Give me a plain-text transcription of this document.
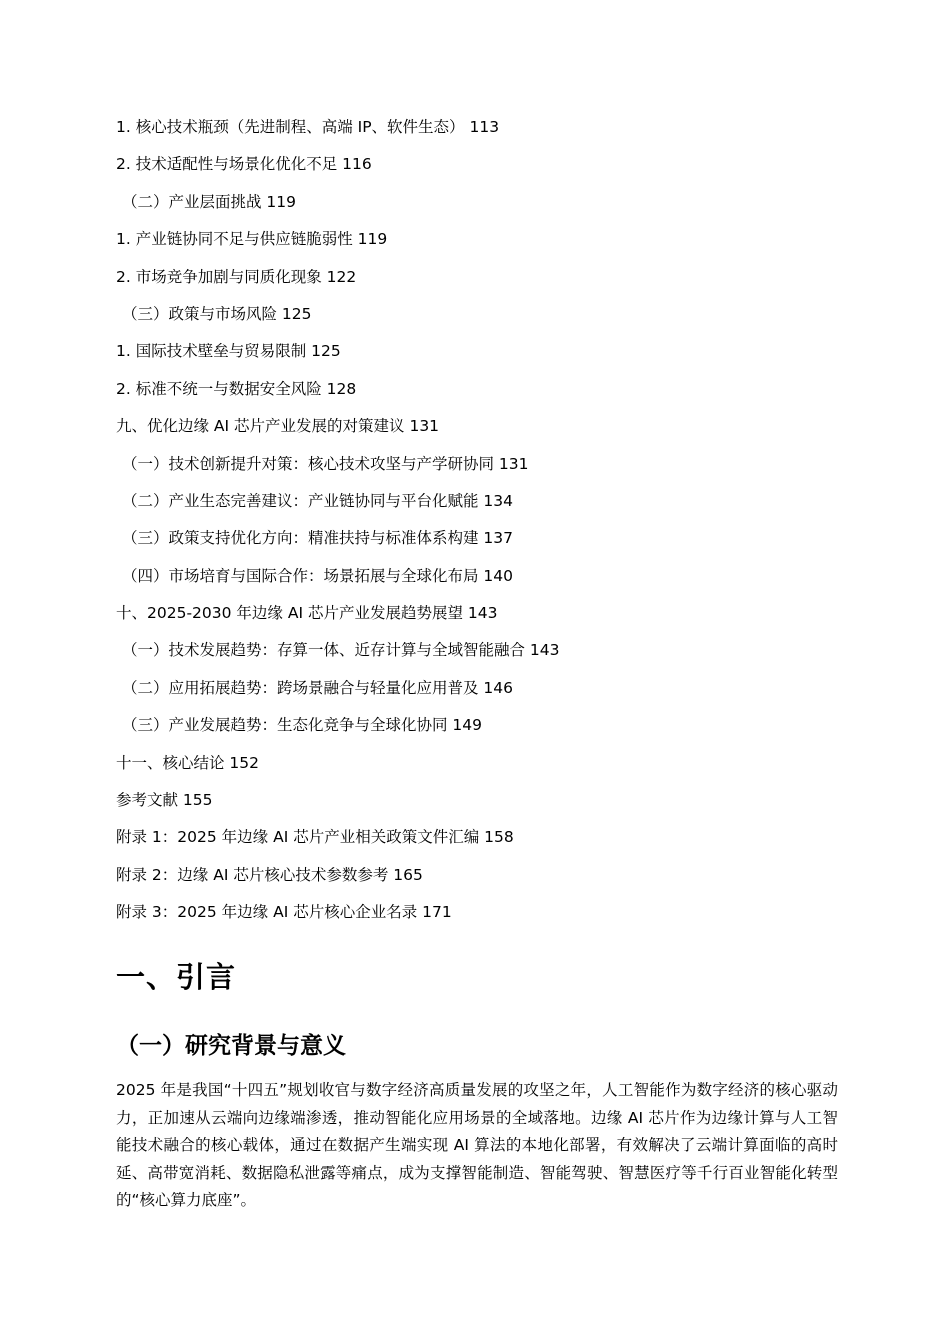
1. 核心技术瓶颈（先进制程、高端 IP、软件生态） 113
2. 技术适配性与场景化优化不足 116
（二）产业层面挑战 119
1. 产业链协同不足与供应链脆弱性 119
2. 市场竞争加剧与同质化现象 122
（三）政策与市场风险 125
1. 国际技术壁垒与贸易限制 125
2. 标准不统一与数据安全风险 128
九、优化边缘 AI 芯片产业发展的对策建议 131
（一）技术创新提升对策：核心技术攻坚与产学研协同 131
（二）产业生态完善建议：产业链协同与平台化赋能 134
（三）政策支持优化方向：精准扶持与标准体系构建 137
（四）市场培育与国际合作：场景拓展与全球化布局 140
十、2025-2030 年边缘 AI 芯片产业发展趋势展望 143
（一）技术发展趋势：存算一体、近存计算与全域智能融合 143
（二）应用拓展趋势：跨场景融合与轻量化应用普及 146
（三）产业发展趋势：生态化竞争与全球化协同 149
十一、核心结论 152
参考文献 155
附录 1：2025 年边缘 AI 芯片产业相关政策文件汇编 158
附录 2：边缘 AI 芯片核心技术参数参考 165
附录 3：2025 年边缘 AI 芯片核心企业名录 171
一、引言
（一）研究背景与意义
2025 年是我国“十四五”规划收官与数字经济高质量发展的攻坚之年，人工智能作为数字经济的核心驱动力，正加速从云端向边缘端渗透，推动智能化应用场景的全域落地。边缘 AI 芯片作为边缘计算与人工智能技术融合的核心载体，通过在数据产生端实现 AI 算法的本地化部署，有效解决了云端计算面临的高时延、高带宽消耗、数据隐私泄露等痛点，成为支撑智能制造、智能驾驶、智慧医疗等千行百业智能化转型的“核心算力底座”。
